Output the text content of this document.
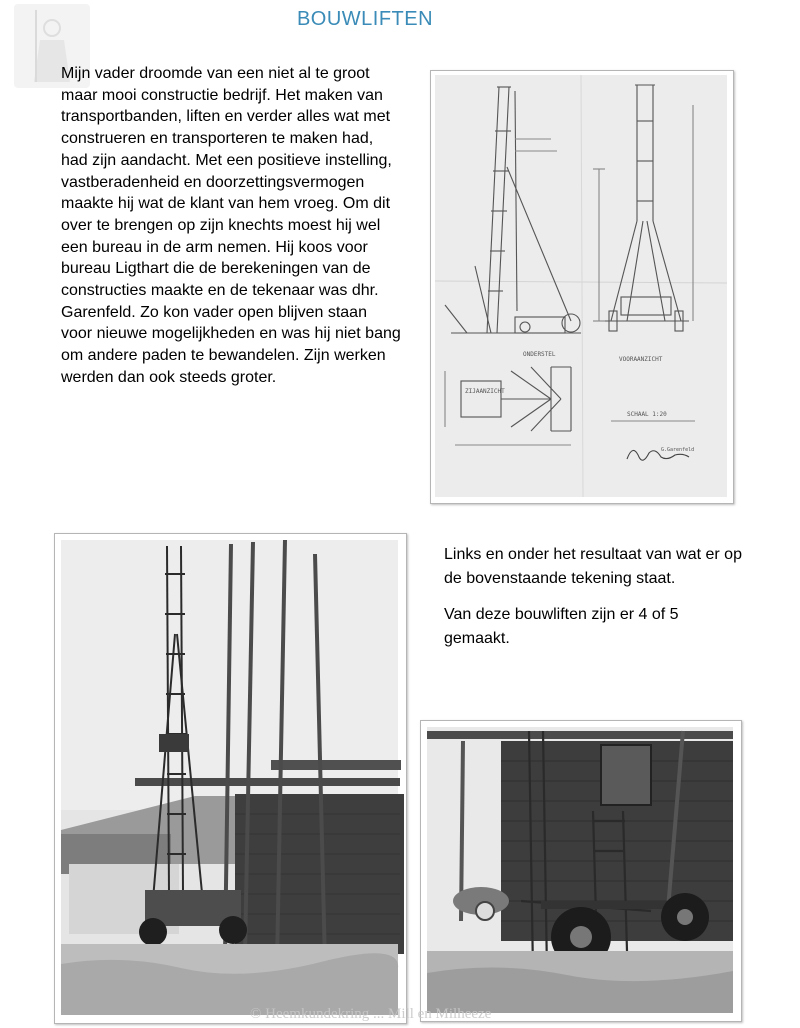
BOUWLIFTEN
Mijn vader droomde van een niet al te groot maar mooi constructie bedrijf. Het maken van transportbanden, liften en verder alles wat met construeren en transporteren te maken had, had zijn aandacht. Met een positieve instelling, vastberadenheid en doorzettingsvermogen maakte hij wat de klant van hem vroeg. Om dit over te brengen op zijn knechts moest hij wel een bureau in de arm nemen. Hij koos voor bureau Ligthart die de berekeningen van de constructies maakte en de tekenaar was dhr. Garenfeld. Zo kon vader open blijven staan voor nieuwe mogelijkheden en was hij niet bang om andere paden te bewandelen. Zijn werken werden dan ook steeds groter.
ONDERSTEL
VOORAANZICHT
ZIJAANZICHT
SCHAAL 1:20
G.Garenfeld

Links en onder het resultaat van wat er op de bovenstaande tekening staat.

Van deze bouwliften zijn er 4 of 5 gemaakt.

© Heemkundekring ... Mill en Milheeze
